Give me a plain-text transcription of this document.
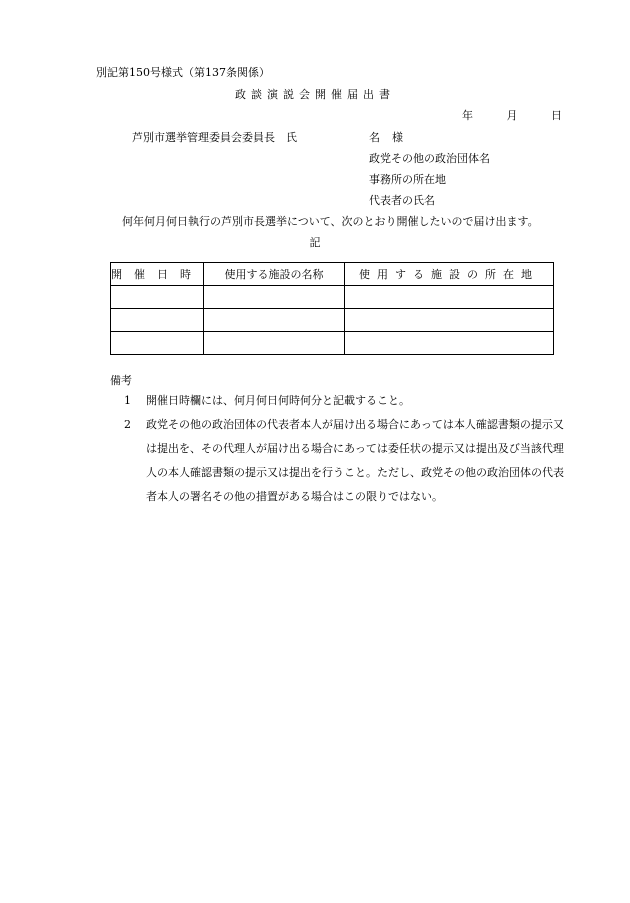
別記第150号様式（第137条関係）
政談演説会開催届出書
年	月	日
芦別市選挙管理委員会委員長　氏	名様
政党その他の政治団体名
事務所の所在地
代表者の氏名
何年何月何日執行の芦別市長選挙について、次のとおり開催したいので届け出ます。
記
開催日時	使用する施設の名称	使用する施設の所在地

備考
1 開催日時欄には、何月何日何時何分と記載すること。
2 政党その他の政治団体の代表者本人が届け出る場合にあっては本人確認書類の提示又は提出を、その代理人が届け出る場合にあっては委任状の提示又は提出及び当該代理人の本人確認書類の提示又は提出を行うこと。ただし、政党その他の政治団体の代表者本人の署名その他の措置がある場合はこの限りではない。
